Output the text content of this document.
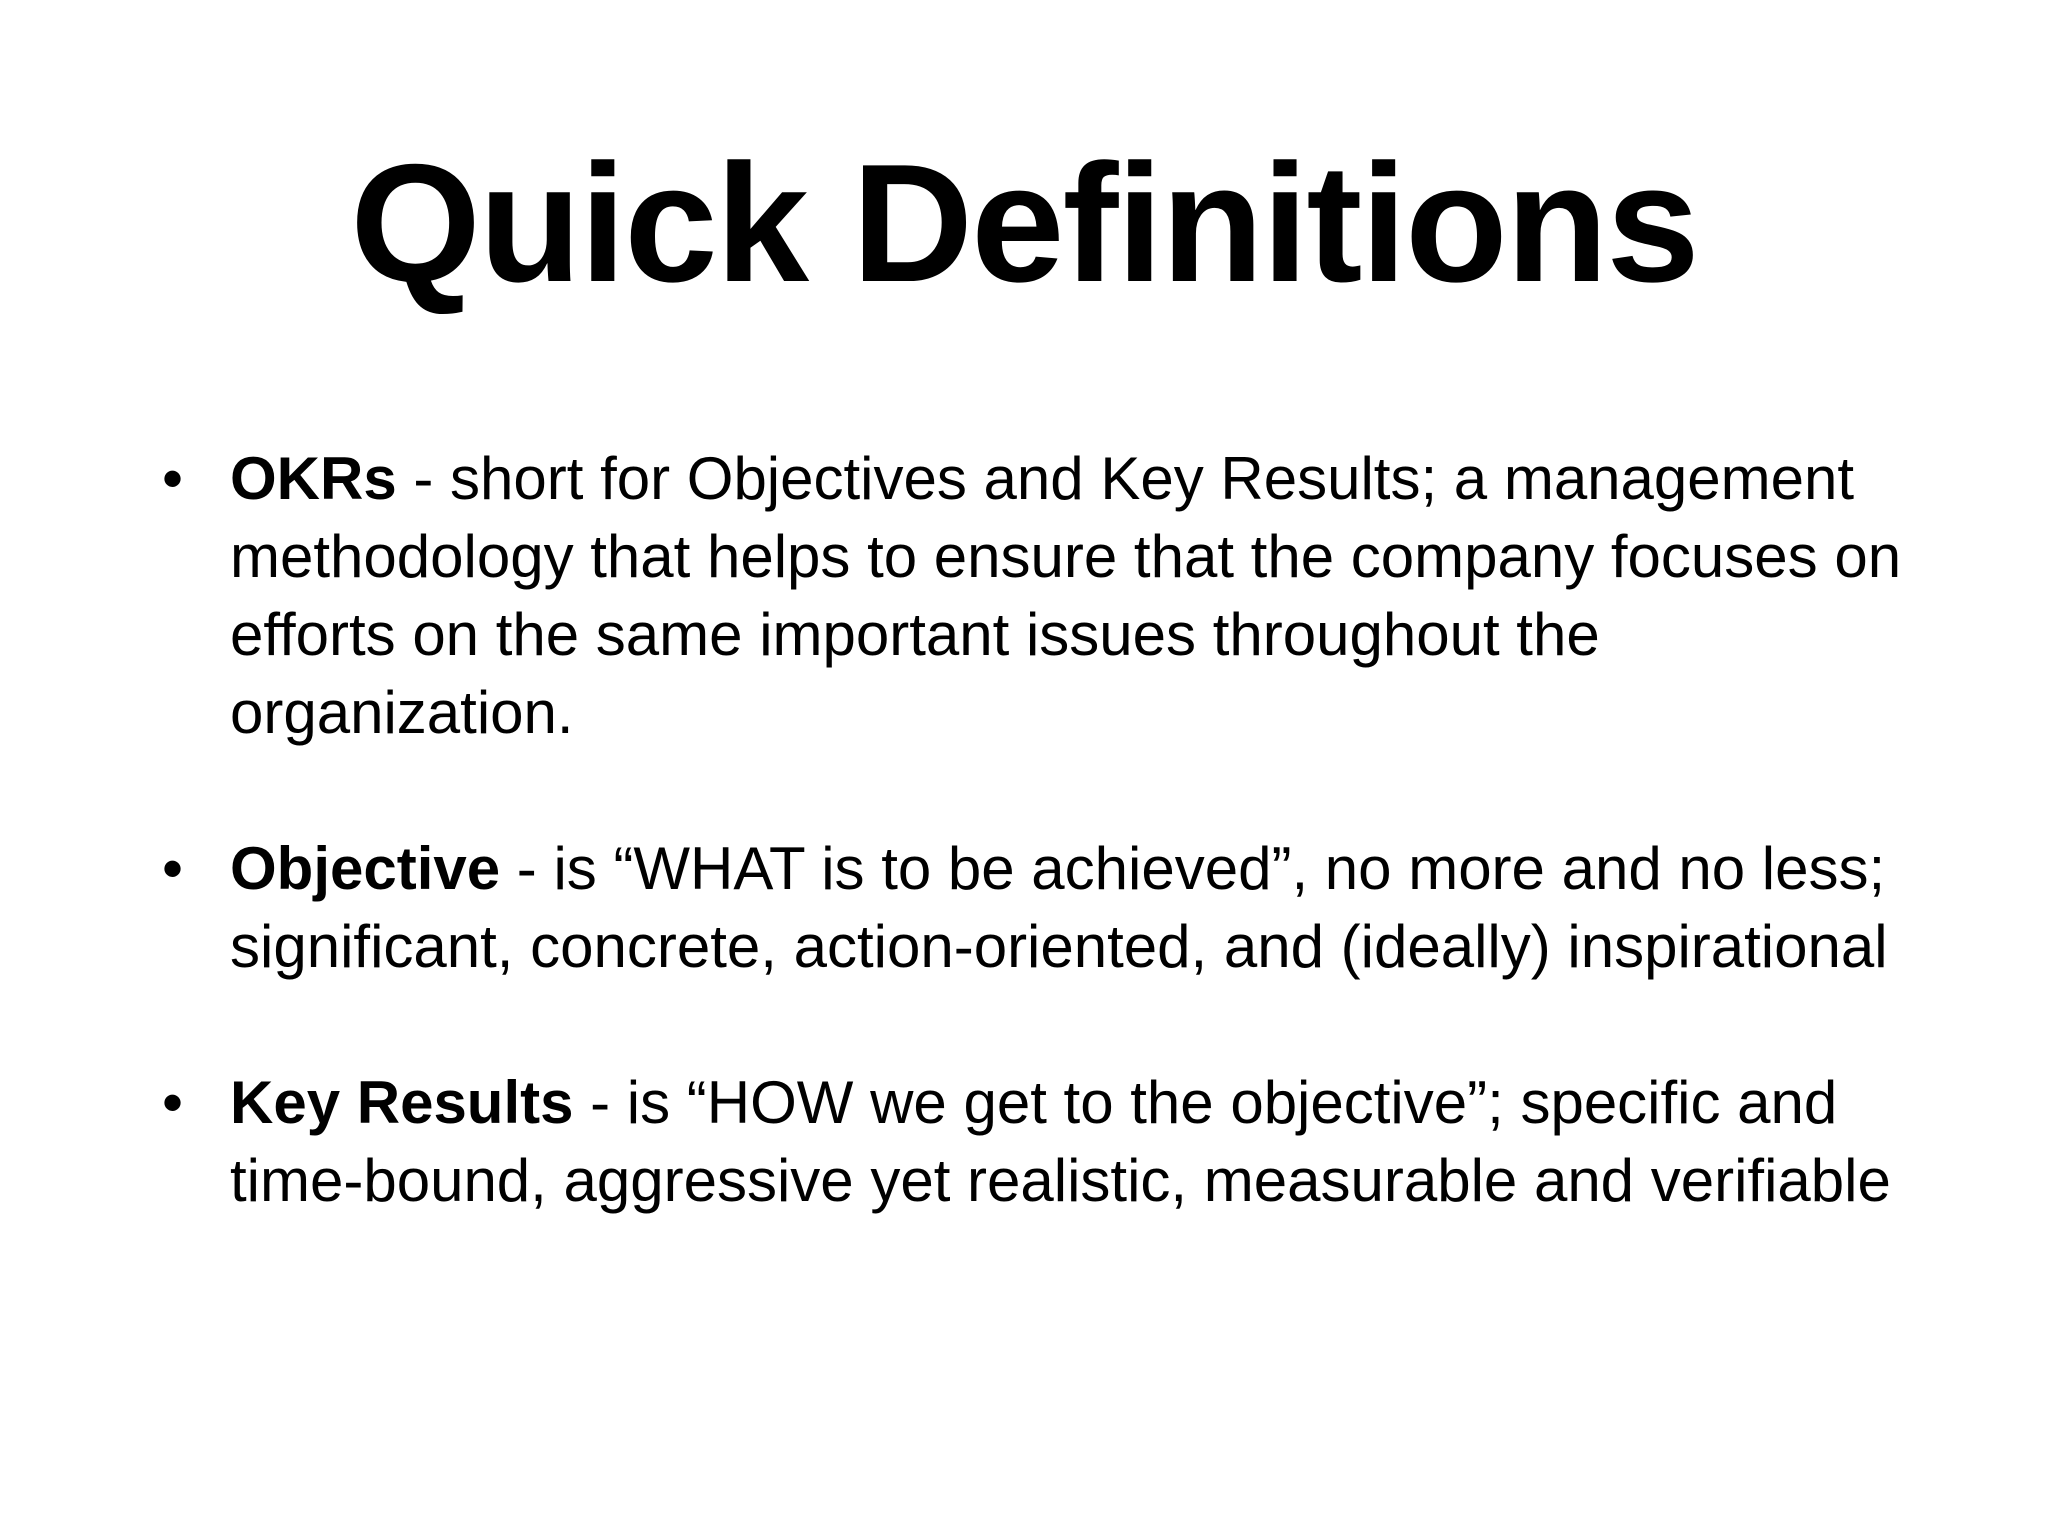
Quick Definitions
• OKRs - short for Objectives and Key Results; a management methodology that helps to ensure that the company focuses on efforts on the same important issues throughout the organization.
• Objective - is “WHAT is to be achieved”, no more and no less; significant, concrete, action-oriented, and (ideally) inspirational
• Key Results - is “HOW we get to the objective”; specific and time-bound, aggressive yet realistic, measurable and verifiable
